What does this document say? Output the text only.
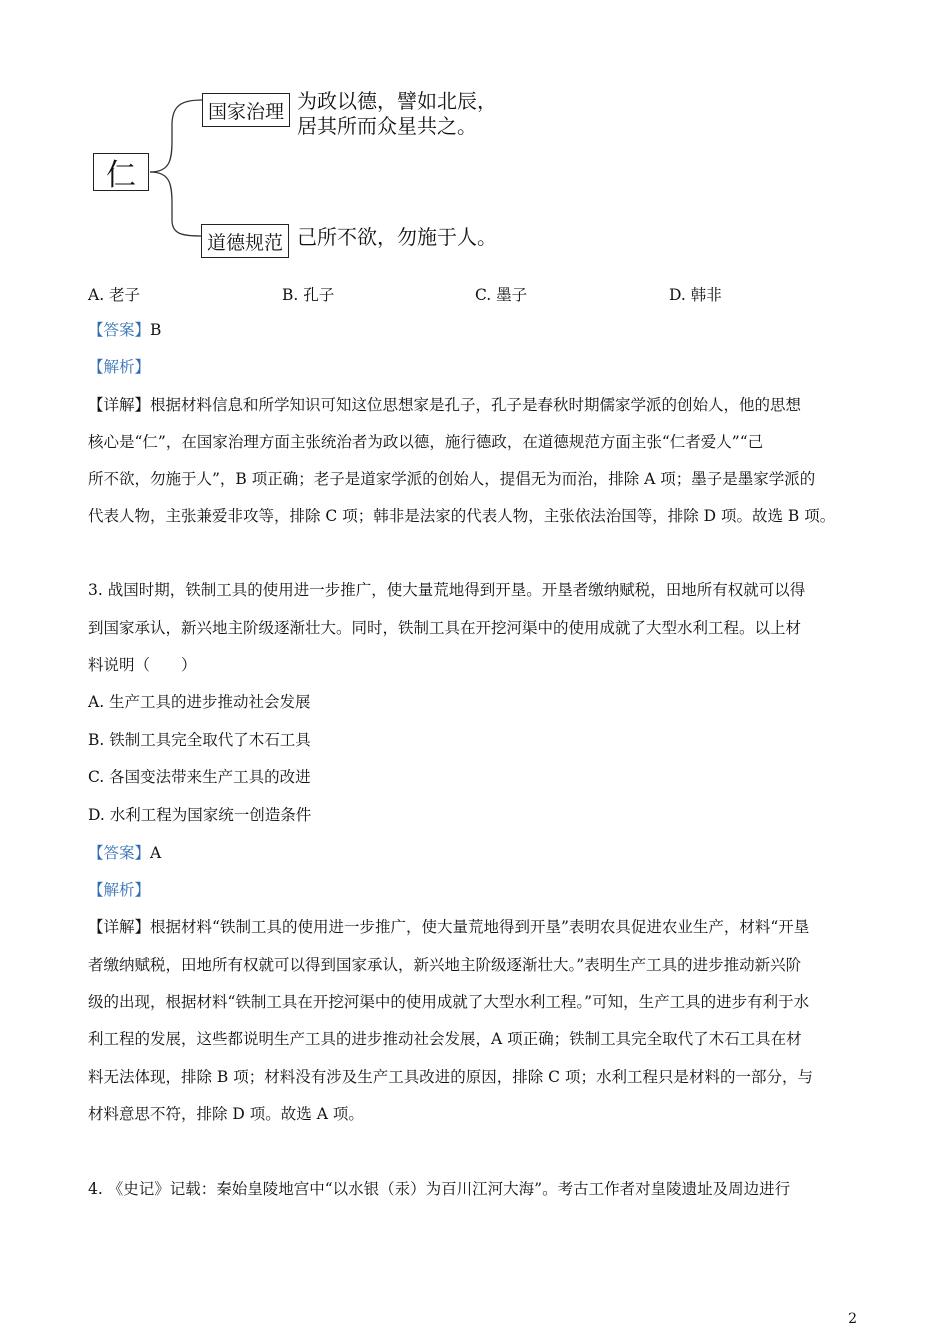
仁
国家治理 为政以德，譬如北辰，
居其所而众星共之。
道德规范 己所不欲，勿施于人。
A. 老子	B. 孔子	C. 墨子	D. 韩非
【答案】B
【解析】
【详解】根据材料信息和所学知识可知这位思想家是孔子，孔子是春秋时期儒家学派的创始人，他的思想
核心是“仁”，在国家治理方面主张统治者为政以德，施行德政，在道德规范方面主张“仁者爱人”“己
所不欲，勿施于人”，B 项正确；老子是道家学派的创始人，提倡无为而治，排除 A 项；墨子是墨家学派的
代表人物，主张兼爱非攻等，排除 C 项；韩非是法家的代表人物，主张依法治国等，排除 D 项。故选 B 项。
3. 战国时期，铁制工具的使用进一步推广，使大量荒地得到开垦。开垦者缴纳赋税，田地所有权就可以得
到国家承认，新兴地主阶级逐渐壮大。同时，铁制工具在开挖河渠中的使用成就了大型水利工程。以上材
料说明（　　）
A. 生产工具的进步推动社会发展
B. 铁制工具完全取代了木石工具
C. 各国变法带来生产工具的改进
D. 水利工程为国家统一创造条件
【答案】A
【解析】
【详解】根据材料“铁制工具的使用进一步推广，使大量荒地得到开垦”表明农具促进农业生产，材料“开垦
者缴纳赋税，田地所有权就可以得到国家承认，新兴地主阶级逐渐壮大。”表明生产工具的进步推动新兴阶
级的出现，根据材料“铁制工具在开挖河渠中的使用成就了大型水利工程。”可知，生产工具的进步有利于水
利工程的发展，这些都说明生产工具的进步推动社会发展，A 项正确；铁制工具完全取代了木石工具在材
料无法体现，排除 B 项；材料没有涉及生产工具改进的原因，排除 C 项；水利工程只是材料的一部分，与
材料意思不符，排除 D 项。故选 A 项。
4. 《史记》记载：秦始皇陵地宫中“以水银（汞）为百川江河大海”。考古工作者对皇陵遗址及周边进行
2
